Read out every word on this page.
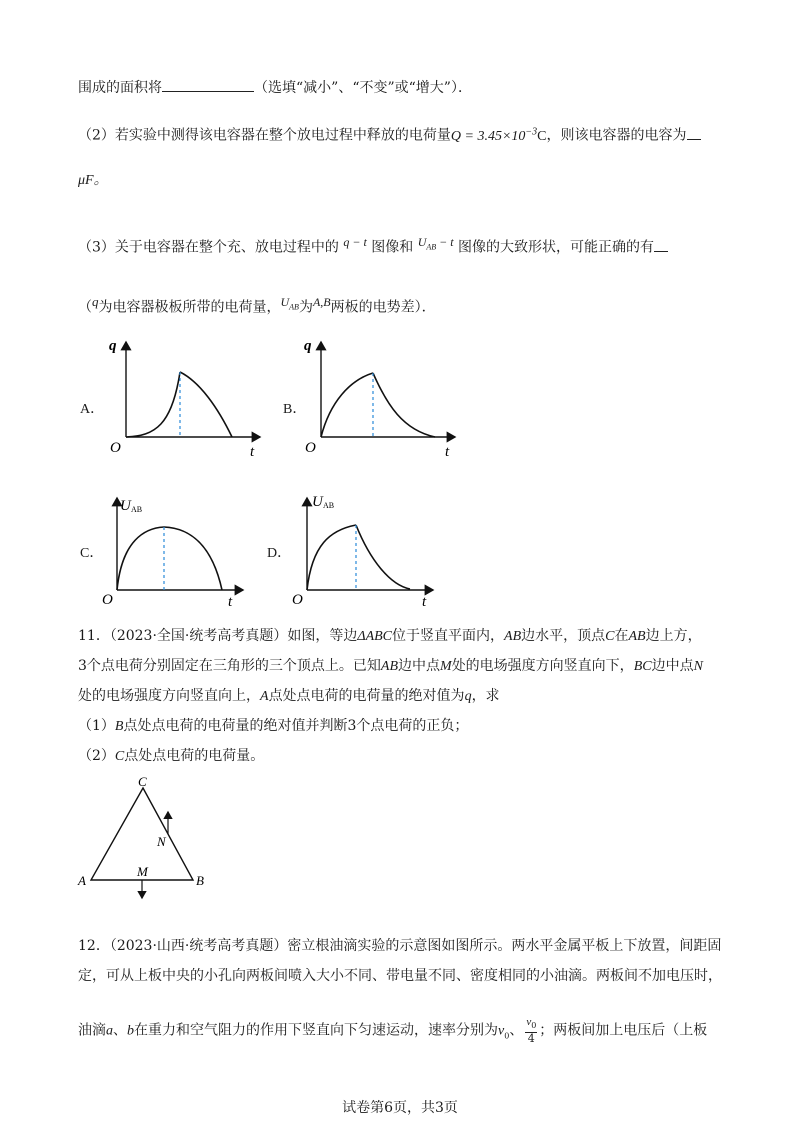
围成的面积将	（选填“减小”、“不变”或“增大”）．
（2）若实验中测得该电容器在整个放电过程中释放的电荷量$Q = 3.45\times 10^{-3}C$，则该电容器的电容为
μF。
（3）关于电容器在整个充、放电过程中的 $^{q - t}$ 图像和 $^{U_{AB} - t}$ 图像的大致形状，可能正确的有
（$^q$为电容器极板所带的电荷量，$^{U_{AB}}$为$^{A,B}$两板的电势差）．
A．	B．
C．	D．
q
t
O
q
t
O
U AB
t
O
U AB
t
O
11．（2023·全国·统考高考真题）如图，等边ΔABC位于竖直平面内，AB边水平，顶点C在AB边上方，
3个点电荷分别固定在三角形的三个顶点上。已知AB边中点M处的电场强度方向竖直向下，BC边中点N
处的电场强度方向竖直向上，A点处点电荷的电荷量的绝对值为q，求
（1）B点处点电荷的电荷量的绝对值并判断3个点电荷的正负；
（2）C点处点电荷的电荷量。
C
A	B
M
N
12．（2023·山西·统考高考真题）密立根油滴实验的示意图如图所示。两水平金属平板上下放置，间距固
定，可从上板中央的小孔向两板间喷入大小不同、带电量不同、密度相同的小油滴。两板间不加电压时，
油滴a、b在重力和空气阻力的作用下竖直向下匀速运动，速率分别为$v_0$、 $\frac{v_0}{4}$ ；两板间加上电压后（上板
试卷第6页，共3页
